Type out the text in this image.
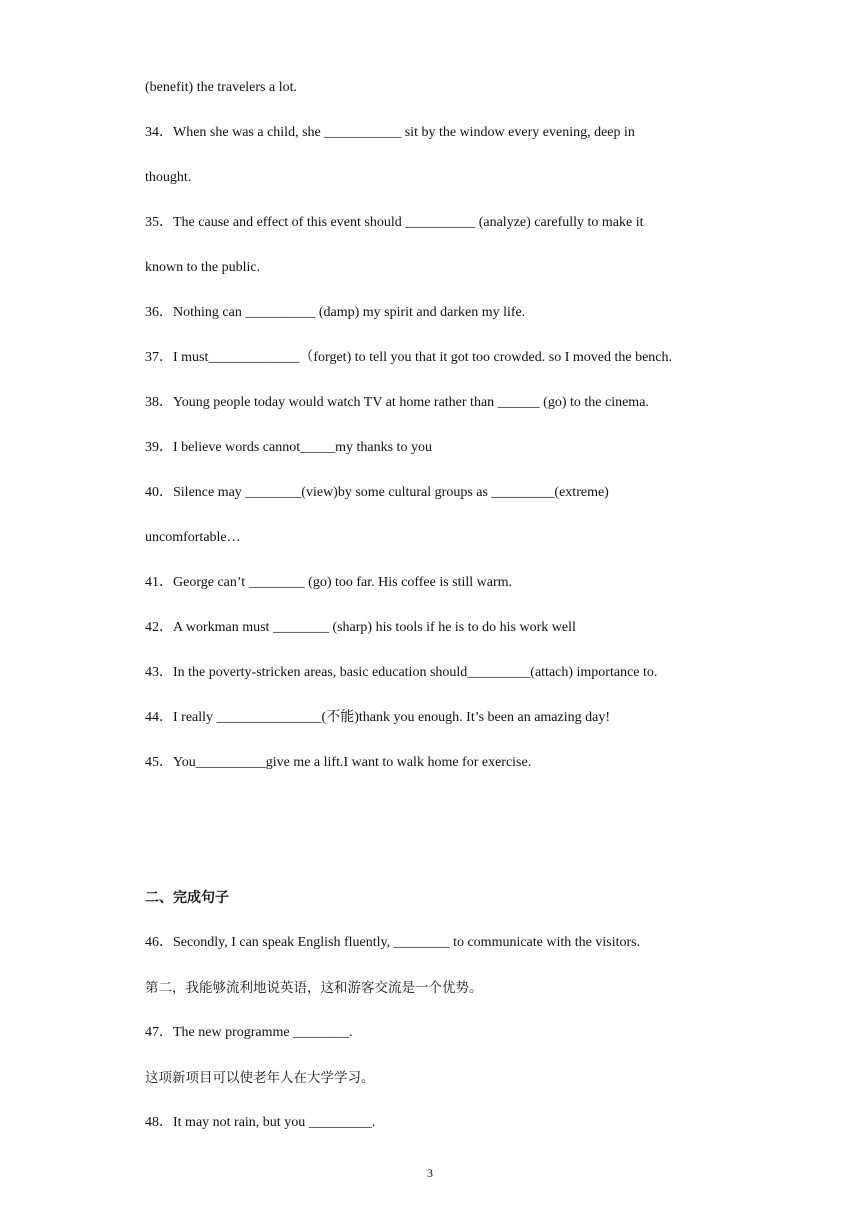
(benefit) the travelers a lot.
34．When she was a child, she ___________ sit by the window every evening, deep in
thought.
35．The cause and effect of this event should __________ (analyze) carefully to make it
known to the public.
36．Nothing can __________ (damp) my spirit and darken my life.
37．I must_____________（forget) to tell you that it got too crowded. so I moved the bench.
38．Young people today would watch TV at home rather than ______ (go) to the cinema.
39．I believe words cannot_____my thanks to you
40．Silence may ________(view)by some cultural groups as _________(extreme)
uncomfortable…
41．George can’t ________ (go) too far. His coffee is still warm.
42．A workman must ________ (sharp) his tools if he is to do his work well
43．In the poverty-stricken areas, basic education should_________(attach) importance to.
44．I really _______________(不能)thank you enough. It’s been an amazing day!
45．You__________give me a lift.I want to walk home for exercise.
二、完成句子
46．Secondly, I can speak English fluently, ________ to communicate with the visitors.
第二，我能够流利地说英语，这和游客交流是一个优势。
47．The new programme ________.
这项新项目可以使老年人在大学学习。
48．It may not rain, but you _________.
3
